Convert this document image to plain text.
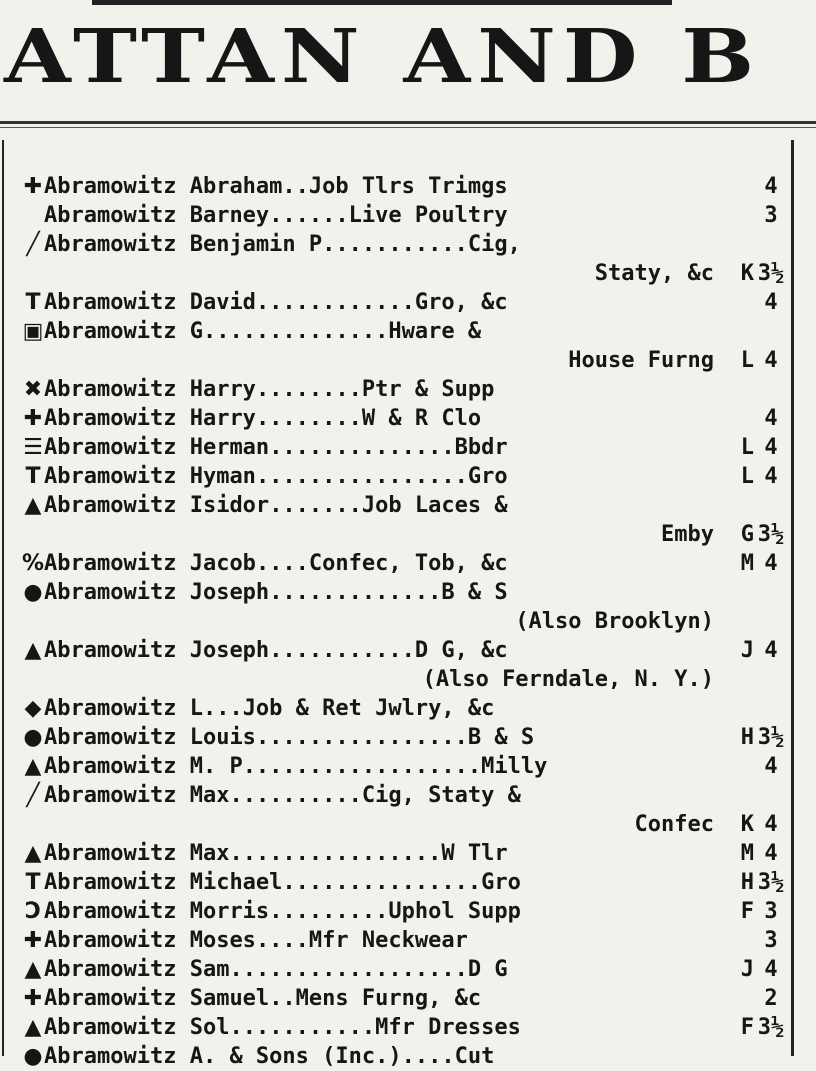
ATTAN AND B
✚Abramowitz Abraham..Job Tlrs Trimgs	4
Abramowitz Barney......Live Poultry	3
╱ Abramowitz Benjamin P...........Cig,
Staty, &c K 3½
T Abramowitz David............Gro, &c	4
▣Abramowitz G..............Hware &
House Furng L 4
✖Abramowitz Harry........Ptr & Supp
✚Abramowitz Harry........W & R Clo	4
☰Abramowitz Herman..............Bbdr	L 4
T Abramowitz Hyman................Gro	L 4
▲ Abramowitz Isidor.......Job Laces &
Emby G 3½
%Abramowitz Jacob....Confec, Tob, &c	M 4
●Abramowitz Joseph.............B & S
(Also Brooklyn)
▲ Abramowitz Joseph...........D G, &c	J 4
(Also Ferndale, N. Y.)
◆ Abramowitz L...Job & Ret Jwlry, &c
●Abramowitz Louis................B & S	H 3½
▲ Abramowitz M. P..................Milly	4
╱ Abramowitz Max..........Cig, Staty &
Confec K 4
▲ Abramowitz Max................W Tlr	M 4
T Abramowitz Michael...............Gro	H 3½
Ↄ Abramowitz Morris.........Uphol Supp	F 3
✚Abramowitz Moses....Mfr Neckwear	3
▲ Abramowitz Sam..................D G	J 4
✚Abramowitz Samuel..Mens Furng, &c	2
▲ Abramowitz Sol...........Mfr Dresses	F 3½
●Abramowitz A. & Sons (Inc.)....Cut
